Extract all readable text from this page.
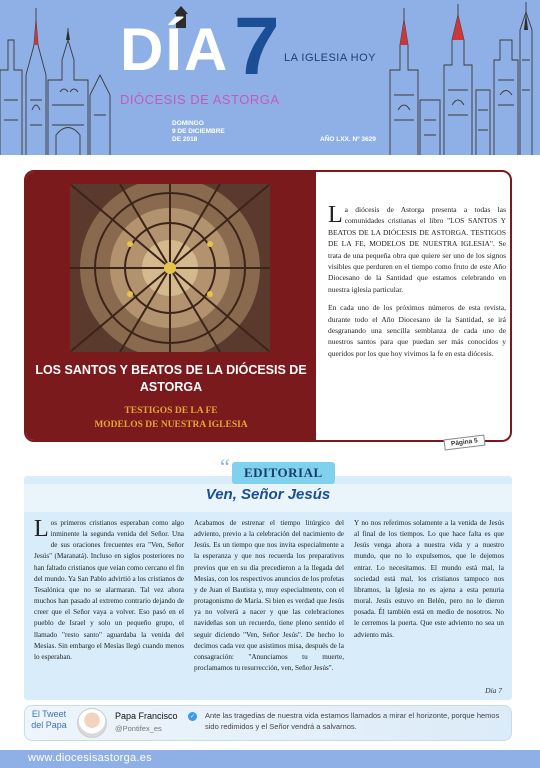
DÍA 7 LA IGLESIA HOY
DIÓCESIS DE ASTORGA
DOMINGO
9 DE DICIEMBRE
DE 2018	AÑO LXX. Nº 3629
LOS SANTOS Y BEATOS DE LA DIÓCESIS DE ASTORGA
TESTIGOS DE LA FE
MODELOS DE NUESTRA IGLESIA

La diócesis de Astorga presenta a todas las comunidades cristianas el libro "LOS SANTOS Y BEATOS DE LA DIÓCESIS DE ASTORGA. TESTIGOS DE LA FE, MODELOS DE NUESTRA IGLESIA". Se trata de una pequeña obra que quiere ser uno de los signos visibles que perduren en el tiempo como fruto de este Año Diocesano de la Santidad que estamos celebrando en nuestra iglesia particular.

En cada uno de los próximos números de esta revista, durante todo el Año Diocesano de la Santidad, se irá desgranando una sencilla semblanza de cada uno de nuestros santos para que puedan ser más conocidos y queridos por los que hoy vivimos la fe en esta diócesis.

Página 5
“	EDITORIAL
Ven, Señor Jesús
Los primeros cristianos esperaban como algo inminente la segunda venida del Señor. Una de sus oraciones frecuentes era "Ven, Señor Jesús" (Maranatá). Incluso en siglos posteriores no han faltado cristianos que veían como cercano el fin del mundo. Ya San Pablo advirtió a los cristianos de Tesalónica que no se alarmaran. Tal vez ahora muchos han pasado al extremo contrario dejando de creer que el Señor vaya a volver. Eso pasó en el pueblo de Israel y solo un pequeño grupo, el llamado "resto santo" aguardaba la venida del Mesías. Sin embargo el Mesías llegó cuando menos lo esperaban.
Acabamos de estrenar el tiempo litúrgico del adviento, previo a la celebración del nacimiento de Jesús. Es un tiempo que nos invita especialmente a la esperanza y que nos recuerda los preparativos previos que en su día precedieron a la llegada del Mesías, con los respectivos anuncios de los profetas y de Juan el Bautista y, muy especialmente, con el protagonismo de María. Si bien es verdad que Jesús ya no volverá a nacer y que las celebraciones navideñas son un recuerdo, tiene pleno sentido el seguir diciendo "Ven, Señor Jesús". De hecho lo decimos cada vez que asistimos misa, después de la consagración: "Anunciamos tu muerte, proclamamos tu resurrección, ven, Señor Jesús".
Y no nos referimos solamente a la venida de Jesús al final de los tiempos. Lo que hace falta es que Jesús venga ahora a nuestra vida y a nuestro mundo, que no lo expulsemos, que le dejemos entrar. Lo necesitamos. El mundo está mal, la sociedad está mal, los cristianos tampoco nos libramos, la Iglesia no es ajena a esta penuria moral. Jesús estuvo en Belén, pero no le dieron posada. Él también está en medio de nosotros. No le cerremos la puerta. Que este adviento no sea un adviento más.
Día 7
El Tweet
del Papa
Papa Francisco	✓
@Pontifex_es
Ante las tragedias de nuestra vida estamos llamados a mirar el horizonte, porque hemos sido redimidos y el Señor vendrá a salvarnos.
www.diocesisastorga.es
